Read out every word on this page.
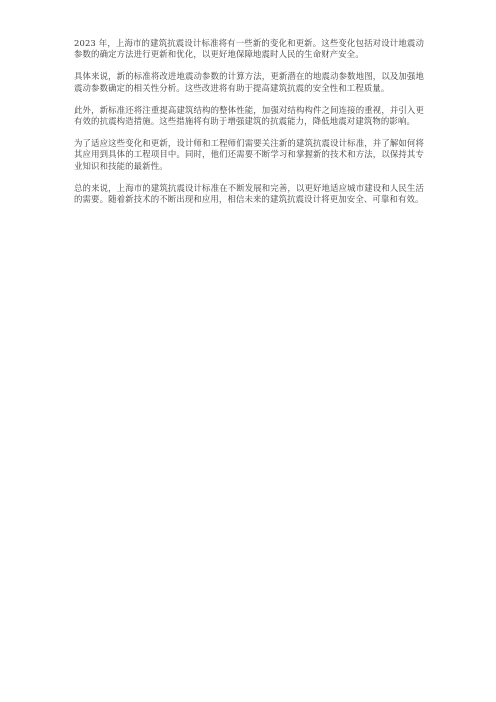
2023 年，上海市的建筑抗震设计标准将有一些新的变化和更新。这些变化包括对设计地震动参数的确定方法进行更新和优化，以更好地保障地震时人民的生命财产安全。

具体来说，新的标准将改进地震动参数的计算方法，更新潜在的地震动参数地图，以及加强地震动参数确定的相关性分析。这些改进将有助于提高建筑抗震的安全性和工程质量。

此外，新标准还将注重提高建筑结构的整体性能，加强对结构构件之间连接的重视，并引入更有效的抗震构造措施。这些措施将有助于增强建筑的抗震能力，降低地震对建筑物的影响。

为了适应这些变化和更新，设计师和工程师们需要关注新的建筑抗震设计标准，并了解如何将其应用到具体的工程项目中。同时，他们还需要不断学习和掌握新的技术和方法，以保持其专业知识和技能的最新性。

总的来说，上海市的建筑抗震设计标准在不断发展和完善，以更好地适应城市建设和人民生活的需要。随着新技术的不断出现和应用，相信未来的建筑抗震设计将更加安全、可靠和有效。
